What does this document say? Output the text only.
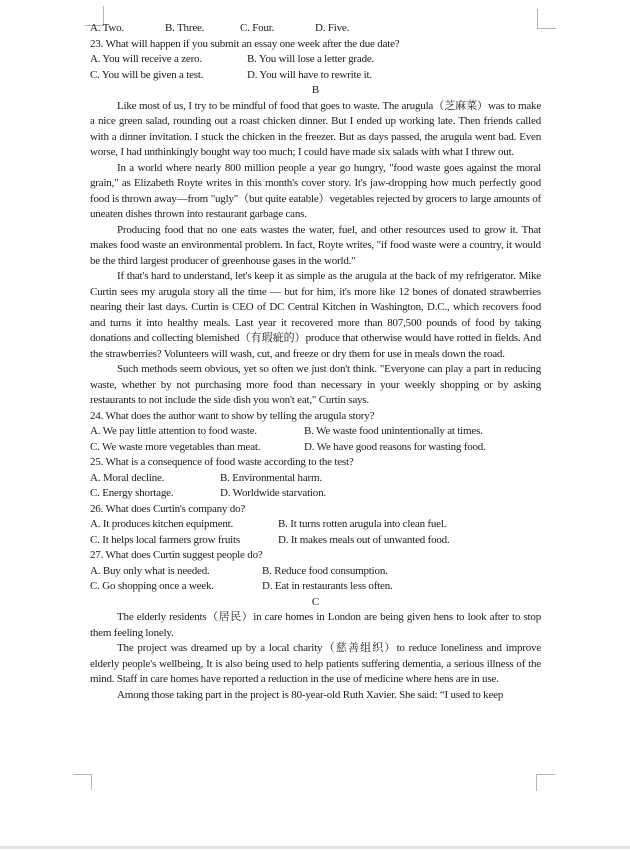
A. Two.	B. Three.	C. Four.	D. Five.
23. What will happen if you submit an essay one week after the due date?
A. You will receive a zero.	B. You will lose a letter grade.
C. You will be given a test.	D. You will have to rewrite it.
B
Like most of us, I try to be mindful of food that goes to waste. The arugula（芝麻菜）was to make a nice green salad, rounding out a roast chicken dinner. But I ended up working late. Then friends called with a dinner invitation. I stuck the chicken in the freezer. But as days passed, the arugula went bad. Even worse, I had unthinkingly bought way too much; I could have made six salads with what I threw out.
In a world where nearly 800 million people a year go hungry, "food waste goes against the moral grain," as Elizabeth Royte writes in this month's cover story. It's jaw-dropping how much perfectly good food is thrown away—from "ugly"（but quite eatable）vegetables rejected by grocers to large amounts of uneaten dishes thrown into restaurant garbage cans.
Producing food that no one eats wastes the water, fuel, and other resources used to grow it. That makes food waste an environmental problem. In fact, Royte writes, "if food waste were a country, it would be the third largest producer of greenhouse gases in the world."
If that's hard to understand, let's keep it as simple as the arugula at the back of my refrigerator. Mike Curtin sees my arugula story all the time — but for him, it's more like 12 bones of donated strawberries nearing their last days. Curtin is CEO of DC Central Kitchen in Washington, D.C., which recovers food and turns it into healthy meals. Last year it recovered more than 807,500 pounds of food by taking donations and collecting blemished（有瑕疵的）produce that otherwise would have rotted in fields. And the strawberries? Volunteers will wash, cut, and freeze or dry them for use in meals down the road.
Such methods seem obvious, yet so often we just don't think. "Everyone can play a part in reducing waste, whether by not purchasing more food than necessary in your weekly shopping or by asking restaurants to not include the side dish you won't eat," Curtin says.
24. What does the author want to show by telling the arugula story?
A. We pay little attention to food waste.	B. We waste food unintentionally at times.
C. We waste more vegetables than meat.	D. We have good reasons for wasting food.
25. What is a consequence of food waste according to the test?
A. Moral decline.	B. Environmental harm.
C. Energy shortage.	D. Worldwide starvation.
26. What does Curtin's company do?
A. It produces kitchen equipment.	B. It turns rotten arugula into clean fuel.
C. It helps local farmers grow fruits	D. It makes meals out of unwanted food.
27. What does Curtin suggest people do?
A. Buy only what is needed.	B. Reduce food consumption.
C. Go shopping once a week.	D. Eat in restaurants less often.
C
The elderly residents（居民）in care homes in London are being given hens to look after to stop them feeling lonely.
The project was dreamed up by a local charity（慈善组织）to reduce loneliness and improve elderly people's wellbeing, It is also being used to help patients suffering dementia, a serious illness of the mind. Staff in care homes have reported a reduction in the use of medicine where hens are in use.
Among those taking part in the project is 80-year-old Ruth Xavier. She said: “I used to keep
